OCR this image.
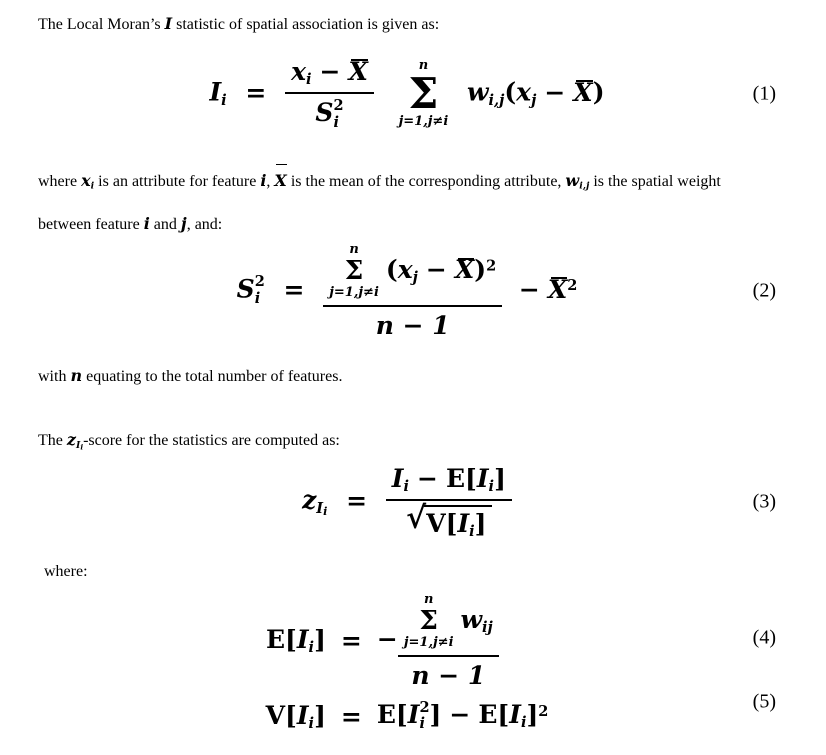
The Local Moran’s I statistic of spatial association is given as:
Ii = xi − X
S 2
i
	n
Σ
j=1,j≠i
wi,j(xj − X)	(1)
where xi is an attribute for feature i, X is the mean of the corresponding attribute, wi,j is the spatial weight between feature i and j, and:
S 2
i = n
Σ
j=1,j≠i
(xj − X)$^2$
$n - 1 - X^2$	(2)
with n equating to the total number of features.
The zIi-score for the statistics are computed as:
zIi = $\frac{Ii - E[Ii]}{√ V[Ii]}$	(3)
where:
E[Ii] = − n
Σ
j=1,j≠i
wij
n − 1
V[Ii] = E[I 2
i ] − $E[Ii]^2$
(4)
(5)
